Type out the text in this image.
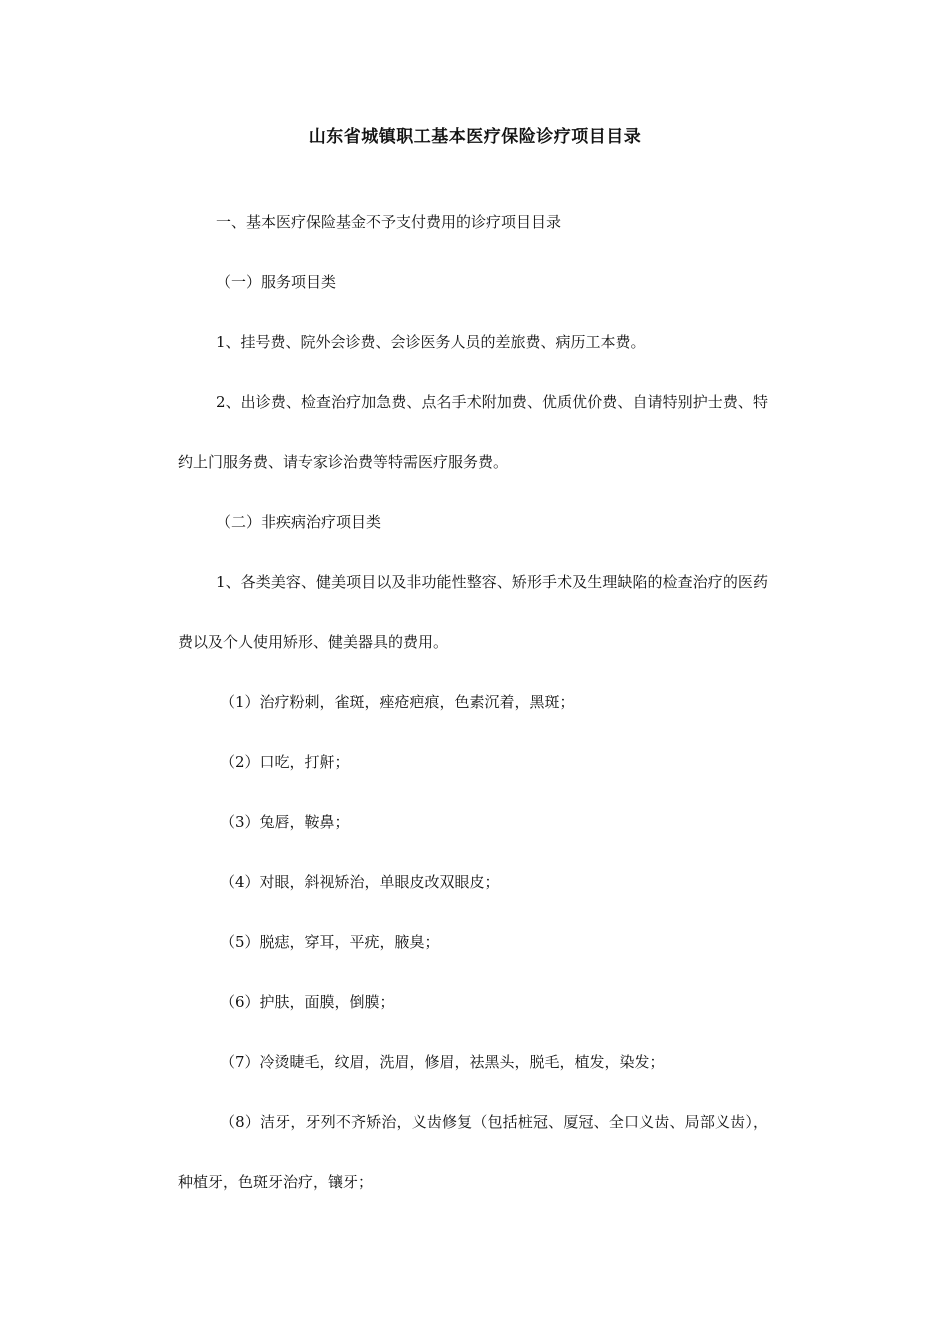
山东省城镇职工基本医疗保险诊疗项目目录

一、基本医疗保险基金不予支付费用的诊疗项目目录

（一）服务项目类

1、挂号费、院外会诊费、会诊医务人员的差旅费、病历工本费。

2、出诊费、检查治疗加急费、点名手术附加费、优质优价费、自请特别护士费、特约上门服务费、请专家诊治费等特需医疗服务费。

（二）非疾病治疗项目类

1、各类美容、健美项目以及非功能性整容、矫形手术及生理缺陷的检查治疗的医药费以及个人使用矫形、健美器具的费用。

（1）治疗粉刺，雀斑，痤疮疤痕，色素沉着，黑斑；

（2）口吃，打鼾；

（3）兔唇，鞍鼻；

（4）对眼，斜视矫治，单眼皮改双眼皮；

（5）脱痣，穿耳，平疣，腋臭；

（6）护肤，面膜，倒膜；

（7）冷烫睫毛，纹眉，洗眉，修眉，祛黑头，脱毛，植发，染发；

（8）洁牙，牙列不齐矫治，义齿修复（包括桩冠、厦冠、全口义齿、局部义齿），种植牙，色斑牙治疗，镶牙；
